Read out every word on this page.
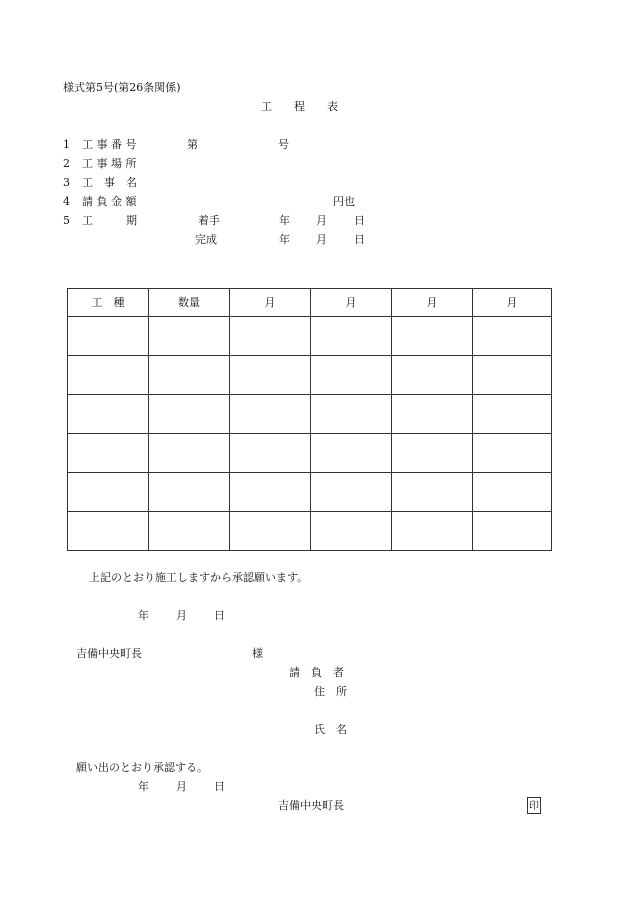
様式第5号(第26条関係)
工　　程　　表
1 工 事 番 号	第	号
2 工 事 場 所
3 工　事　名
4 請 負 金 額	円也
5 工　　　期	着手	年 月 日
完成	年 月 日
工　種	数量	月	月	月	月

上記のとおり施工しますから承認願います。
年 月 日
吉備中央町長	様
請　負　者
住　所
氏　名
願い出のとおり承認する。
年 月 日
吉備中央町長	印
